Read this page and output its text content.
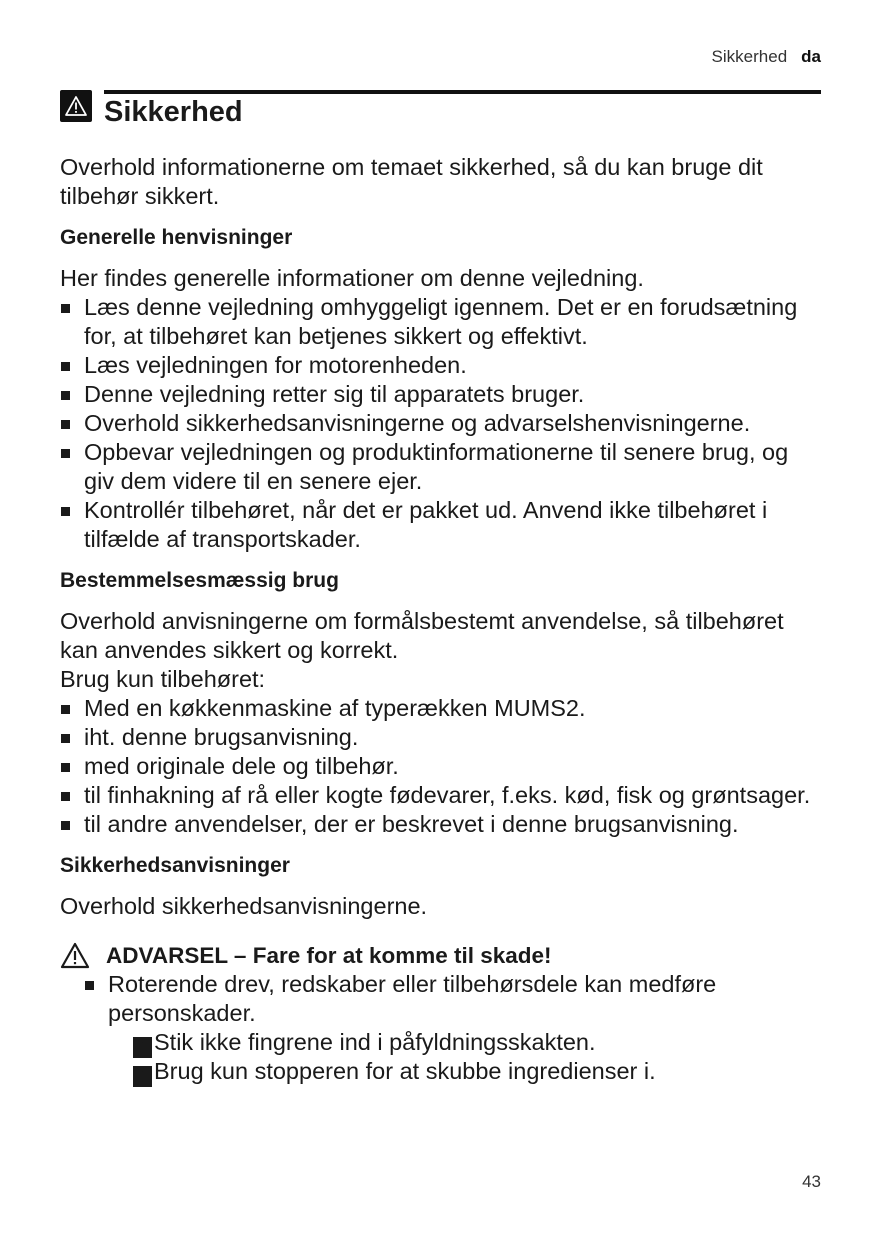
Sikkerhed da
Sikkerhed

Overhold informationerne om temaet sikkerhed, så du kan bruge dit tilbehør sikkert.

Generelle henvisninger

Her findes generelle informationer om denne vejledning.

Læs denne vejledning omhyggeligt igennem. Det er en forudsætning for, at tilbehøret kan betjenes sikkert og effektivt.
Læs vejledningen for motorenheden.
Denne vejledning retter sig til apparatets bruger.
Overhold sikkerhedsanvisningerne og advarselshenvisningerne.
Opbevar vejledningen og produktinformationerne til senere brug, og giv dem videre til en senere ejer.
Kontrollér tilbehøret, når det er pakket ud. Anvend ikke tilbehøret i tilfælde af transportskader.
Bestemmelsesmæssig brug

Overhold anvisningerne om formålsbestemt anvendelse, så tilbehøret kan anvendes sikkert og korrekt.

Brug kun tilbehøret:

Med en køkkenmaskine af typerækken MUMS2.
iht. denne brugsanvisning.
med originale dele og tilbehør.
til finhakning af rå eller kogte fødevarer, f.eks. kød, fisk og grøntsager.
til andre anvendelser, der er beskrevet i denne brugsanvisning.
Sikkerhedsanvisninger

Overhold sikkerhedsanvisningerne.

ADVARSEL – Fare for at komme til skade!
Roterende drev, redskaber eller tilbehørsdele kan medføre personskader.
Stik ikke fingrene ind i påfyldningsskakten.
Brug kun stopperen for at skubbe ingredienser i.
43
